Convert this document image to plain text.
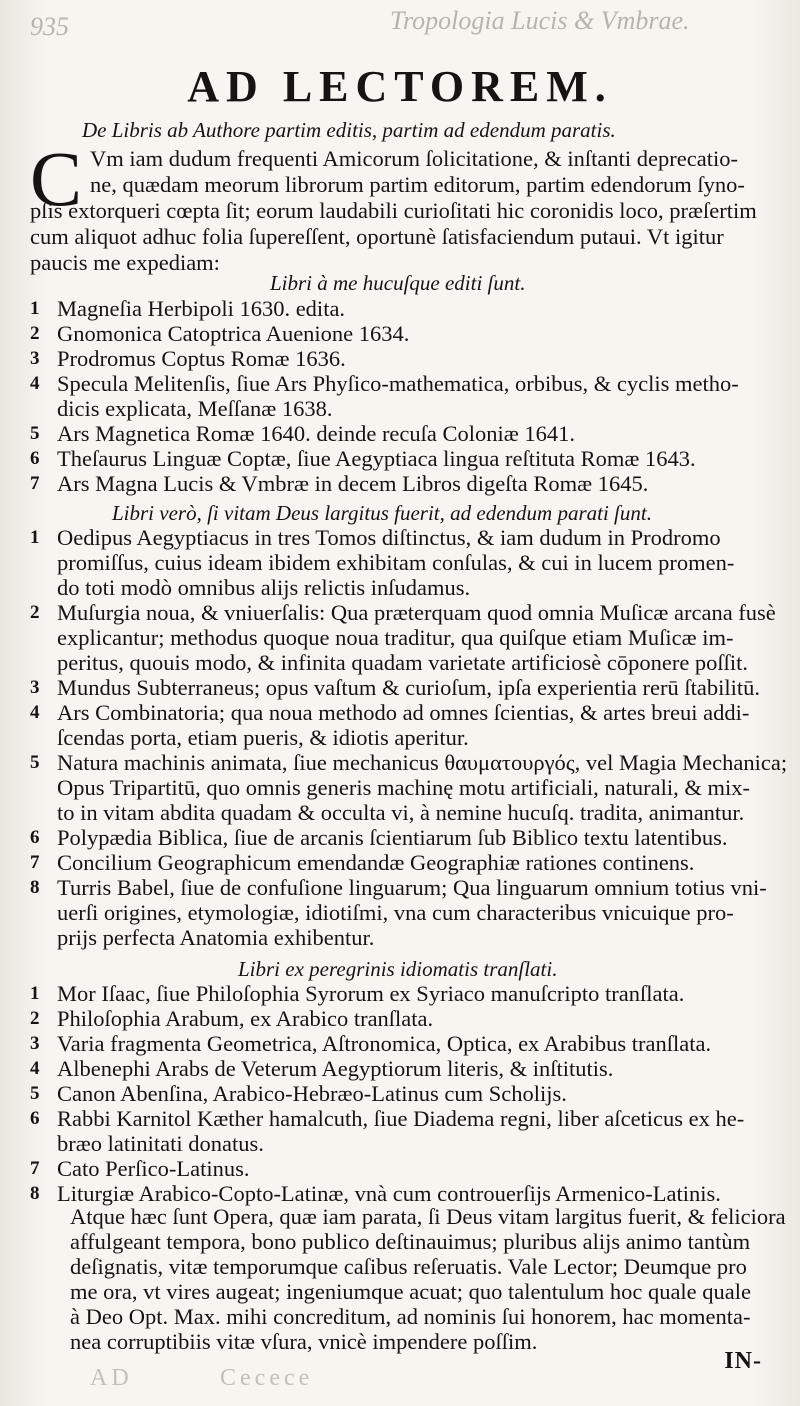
935	Tropologia Lucis & Vmbrae.
AD LECTOREM.
De Libris ab Authore partim editis, partim ad edendum paratis.
C Vm iam dudum frequenti Amicorum ſolicitatione, & inſtanti deprecatio-
ne, quædam meorum librorum partim editorum, partim edendorum ſyno-
pſis extorqueri cœpta ſit; eorum laudabili curioſitati hic coronidis loco, præſertim
cum aliquot adhuc folia ſupereſſent, oportunè ſatisfaciendum putaui. Vt igitur
paucis me expediam:
Libri à me hucuſque editi ſunt.
1 Magneſia Herbipoli 1630. edita.
2 Gnomonica Catoptrica Auenione 1634.
3 Prodromus Coptus Romæ 1636.
4 Specula Melitenſis, ſiue Ars Phyſico-mathematica, orbibus, & cyclis metho-
dicis explicata, Meſſanæ 1638.
5 Ars Magnetica Romæ 1640. deinde recuſa Coloniæ 1641.
6 Theſaurus Linguæ Coptæ, ſiue Aegyptiaca lingua reſtituta Romæ 1643.
7 Ars Magna Lucis & Vmbræ in decem Libros digeſta Romæ 1645.
Libri verò, ſi vitam Deus largitus fuerit, ad edendum parati ſunt.
1 Oedipus Aegyptiacus in tres Tomos diſtinctus, & iam dudum in Prodromo
promiſſus, cuius ideam ibidem exhibitam conſulas, & cui in lucem promen-
do toti modò omnibus alijs relictis inſudamus.
2 Muſurgia noua, & vniuerſalis: Qua præterquam quod omnia Muſicæ arcana fusè
explicantur; methodus quoque noua traditur, qua quiſque etiam Muſicæ im-
peritus, quouis modo, & infinita quadam varietate artificiosè cōponere poſſit.
3 Mundus Subterraneus; opus vaſtum & curioſum, ipſa experientia rerū ſtabilitū.
4 Ars Combinatoria; qua noua methodo ad omnes ſcientias, & artes breui addi-
ſcendas porta, etiam pueris, & idiotis aperitur.
5 Natura machinis animata, ſiue mechanicus θαυματουργός, vel Magia Mechanica;
Opus Tripartitū, quo omnis generis machinę motu artificiali, naturali, & mix-
to in vitam abdita quadam & occulta vi, à nemine hucuſq. tradita, animantur.
6 Polypædia Biblica, ſiue de arcanis ſcientiarum ſub Biblico textu latentibus.
7 Concilium Geographicum emendandæ Geographiæ rationes continens.
8 Turris Babel, ſiue de confuſione linguarum; Qua linguarum omnium totius vni-
uerſi origines, etymologiæ, idiotiſmi, vna cum characteribus vnicuique pro-
prijs perfecta Anatomia exhibentur.
Libri ex peregrinis idiomatis tranſlati.
1 Mor Iſaac, ſiue Philoſophia Syrorum ex Syriaco manuſcripto tranſlata.
2 Philoſophia Arabum, ex Arabico tranſlata.
3 Varia fragmenta Geometrica, Aſtronomica, Optica, ex Arabibus tranſlata.
4 Albenephi Arabs de Veterum Aegyptiorum literis, & inſtitutis.
5 Canon Abenſina, Arabico-Hebræo-Latinus cum Scholijs.
6 Rabbi Karnitol Kæther hamalcuth, ſiue Diadema regni, liber aſceticus ex he-
bræo latinitati donatus.
7 Cato Perſico-Latinus.
8 Liturgiæ Arabico-Copto-Latinæ, vnà cum controuerſijs Armenico-Latinis.
Atque hæc ſunt Opera, quæ iam parata, ſi Deus vitam largitus fuerit, & feliciora
affulgeant tempora, bono publico deſtinauimus; pluribus alijs animo tantùm
deſignatis, vitæ temporumque caſibus reſeruatis. Vale Lector; Deumque pro
me ora, vt vires augeat; ingeniumque acuat; quo talentulum hoc quale quale
à Deo Opt. Max. mihi concreditum, ad nominis ſui honorem, hac momenta-
nea corruptibiis vitæ vſura, vnicè impendere poſſim.
IN-
AD	Cecece
